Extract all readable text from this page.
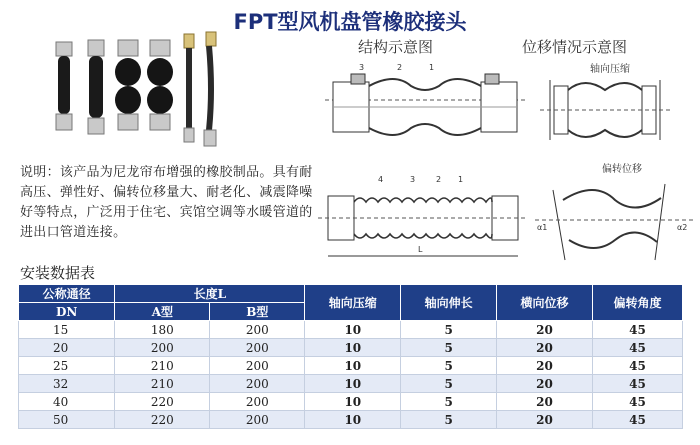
FPT型风机盘管橡胶接头
结构示意图	位移情况示意图
3	2	1
4	3	2 1
L
轴向压缩
偏转位移
α1	α2
说明：该产品为尼龙帘布增强的橡胶制品。具有耐高压、弹性好、偏转位移量大、耐老化、减震降噪好等特点，广泛用于住宅、宾馆空调等水暖管道的进出口管道连接。
安装数据表
公称通径	长度L		轴向压缩	轴向伸长	横向位移	偏转角度
DN	A型	B型				
15	180	200	10	5	20	45
20	200	200	10	5	20	45
25	210	200	10	5	20	45
32	210	200	10	5	20	45
40	220	200	10	5	20	45
50	220	200	10	5	20	45
